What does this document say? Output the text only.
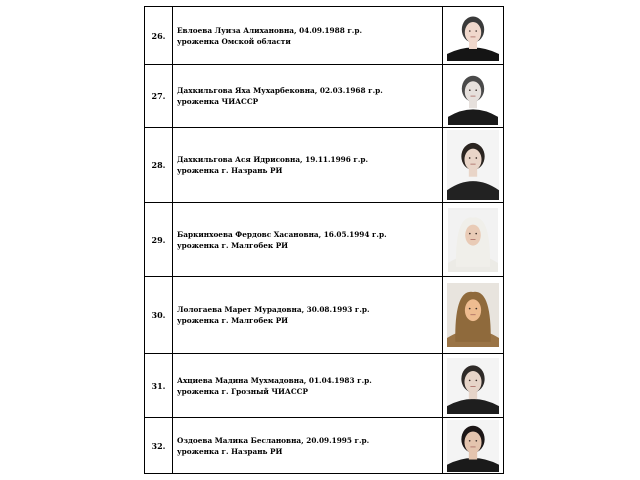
26.	Евлоева Луиза Алихановна, 04.09.1988 г.р.
уроженка Омской области

27.	Дахкильгова Яха Мухарбековна, 02.03.1968 г.р.
уроженка ЧИАССР

28.	Дахкильгова Ася Идрисовна, 19.11.1996 г.р.
уроженка г. Назрань РИ

29.	Баркинхоева Фердовс Хасановна, 16.05.1994 г.р.
уроженка г. Малгобек РИ

30.	Лологаева Марет Мурадовна, 30.08.1993 г.р.
уроженка г. Малгобек РИ

31.	Ахциева Мадина Мухмадовна, 01.04.1983 г.р.
уроженка г. Грозный ЧИАССР

32.	Оздоева Малика Беслановна, 20.09.1995 г.р.
уроженка г. Назрань РИ
